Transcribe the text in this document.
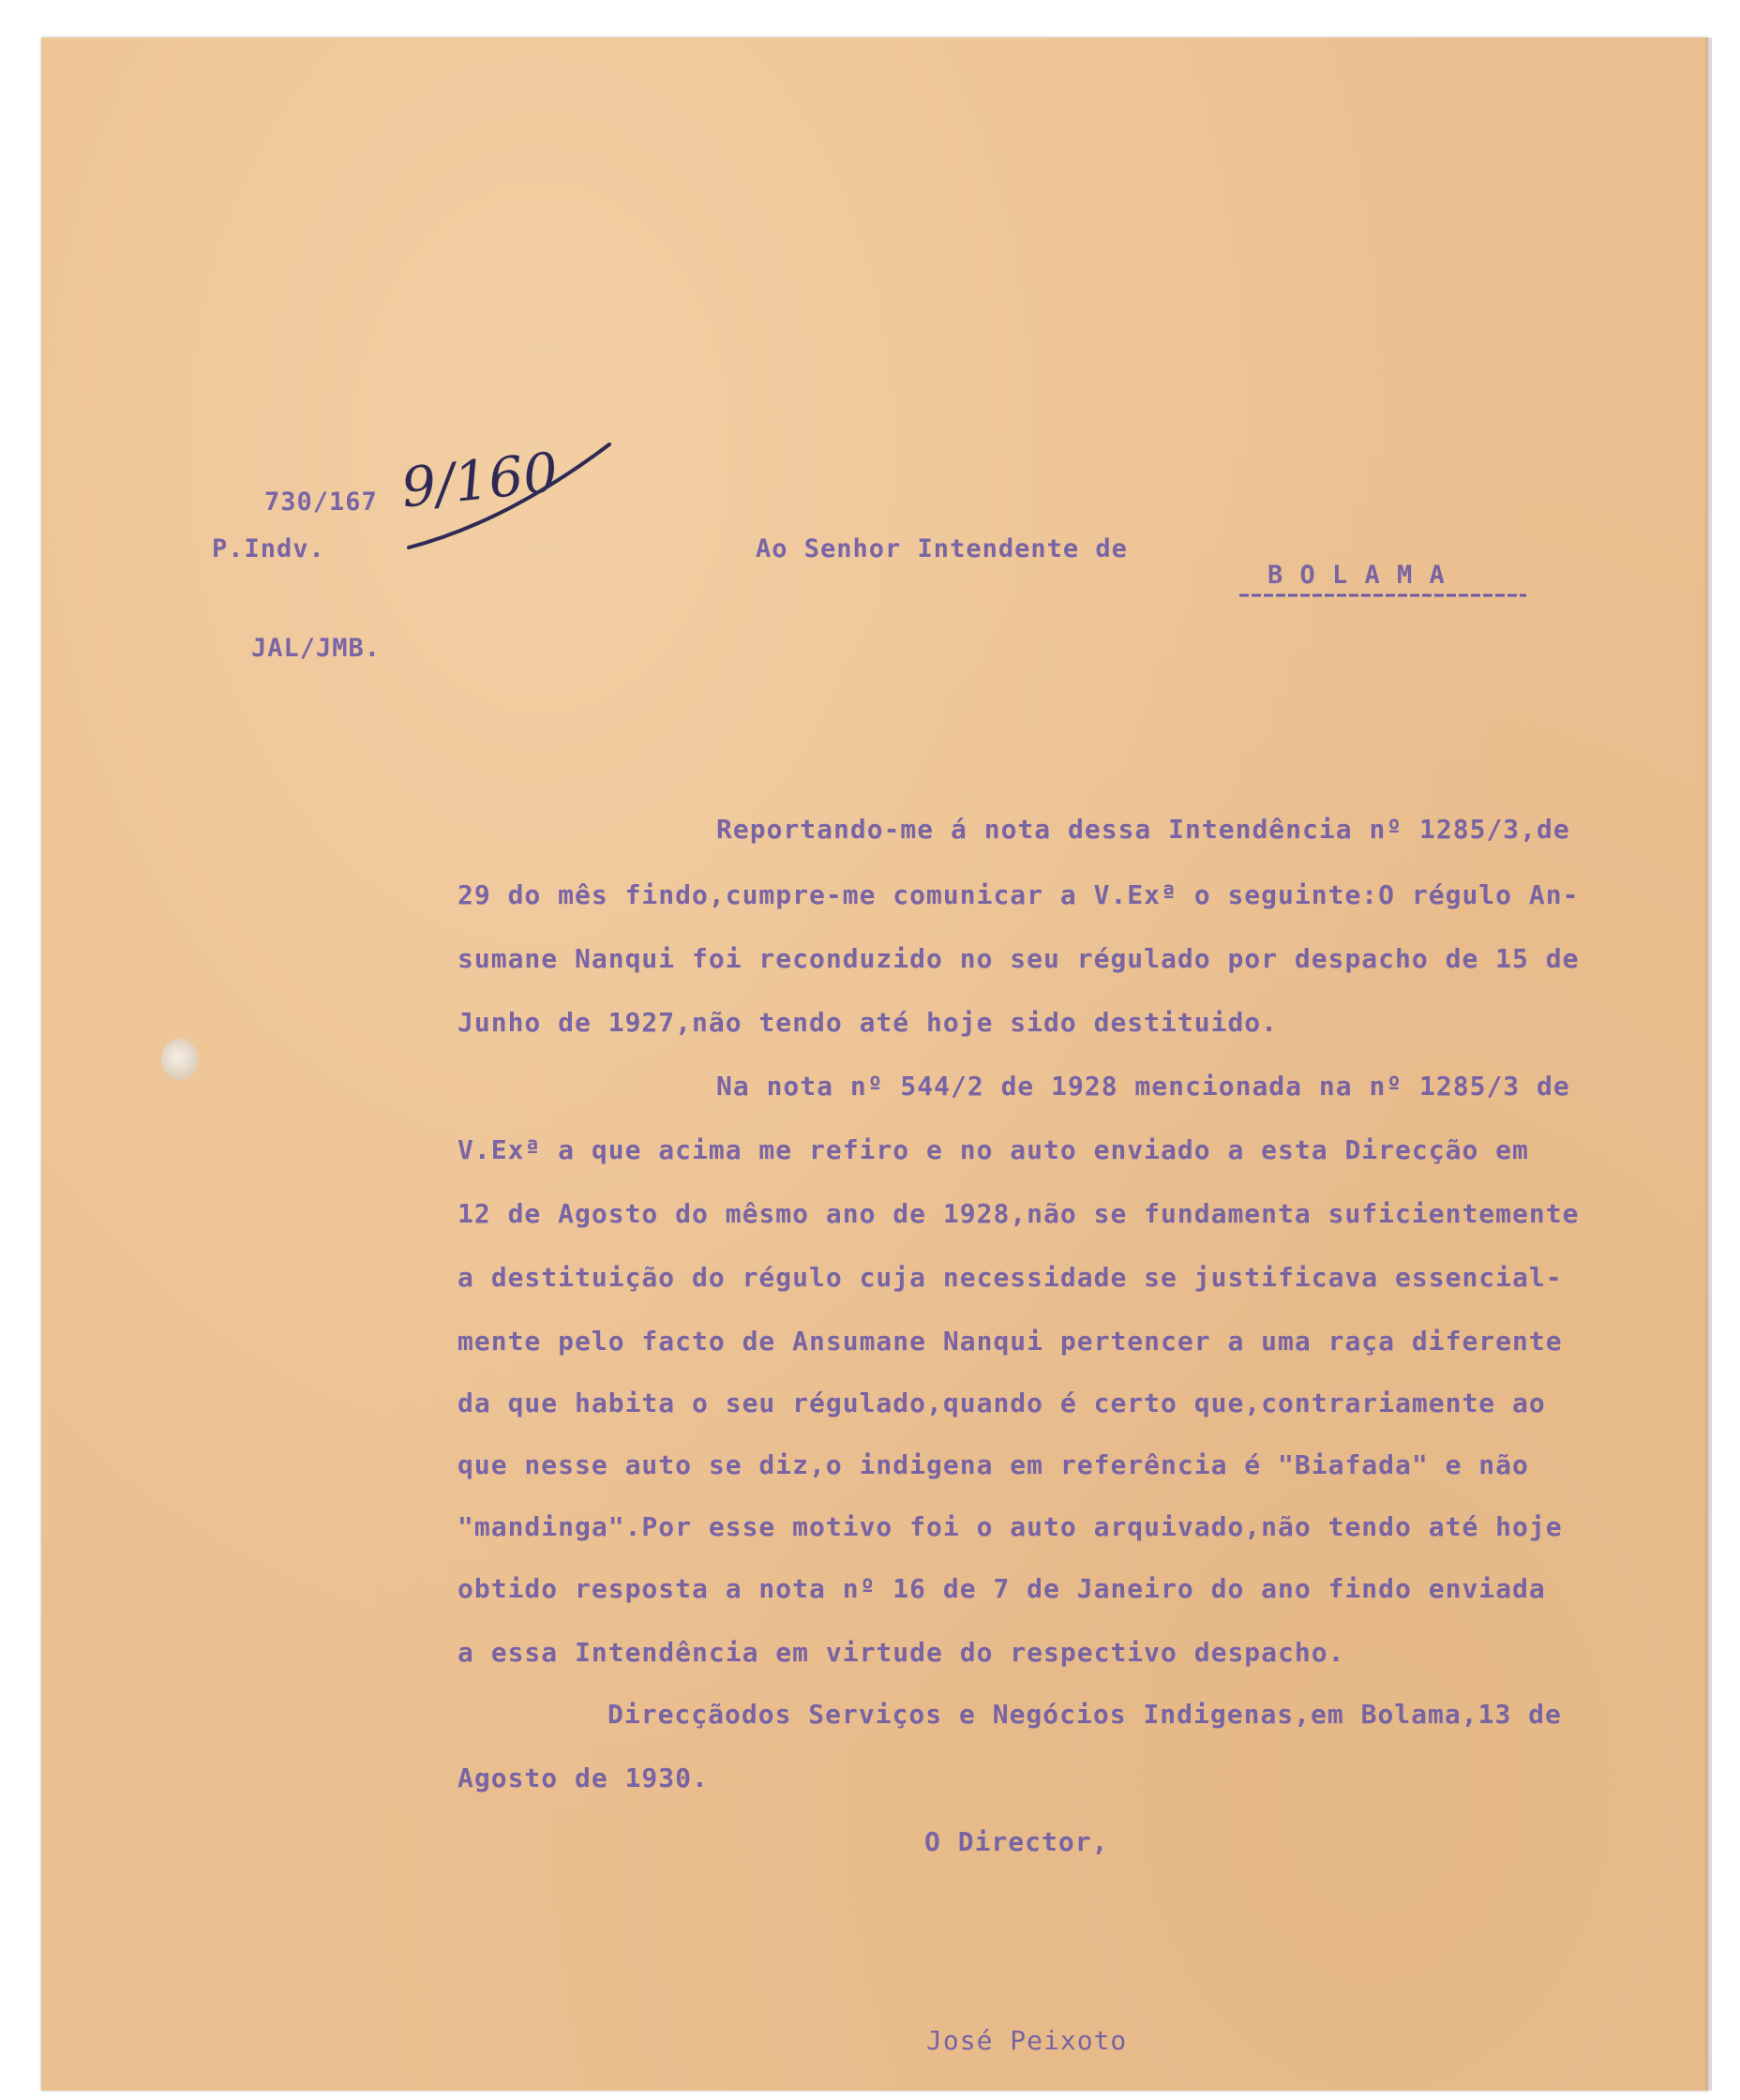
730/167 9/160
P.Indv.	Ao Senhor Intendente de
B O L A M A
JAL/JMB.
Reportando-me á nota dessa Intendência nº 1285/3,de
29 do mês findo,cumpre-me comunicar a V.Exª o seguinte:O régulo An-
sumane Nanqui foi reconduzido no seu régulado por despacho de 15 de
Junho de 1927,não tendo até hoje sido destituido.
Na nota nº 544/2 de 1928 mencionada na nº 1285/3 de
V.Exª a que acima me refiro e no auto enviado a esta Direcção em
12 de Agosto do mêsmo ano de 1928,não se fundamenta suficientemente
a destituição do régulo cuja necessidade se justificava essencial-
mente pelo facto de Ansumane Nanqui pertencer a uma raça diferente
da que habita o seu régulado,quando é certo que,contrariamente ao
que nesse auto se diz,o indigena em referência é "Biafada" e não
"mandinga".Por esse motivo foi o auto arquivado,não tendo até hoje
obtido resposta a nota nº 16 de 7 de Janeiro do ano findo enviada
a essa Intendência em virtude do respectivo despacho.
Direcçãodos Serviços e Negócios Indigenas,em Bolama,13 de
Agosto de 1930.
O Director,
José Peixoto
